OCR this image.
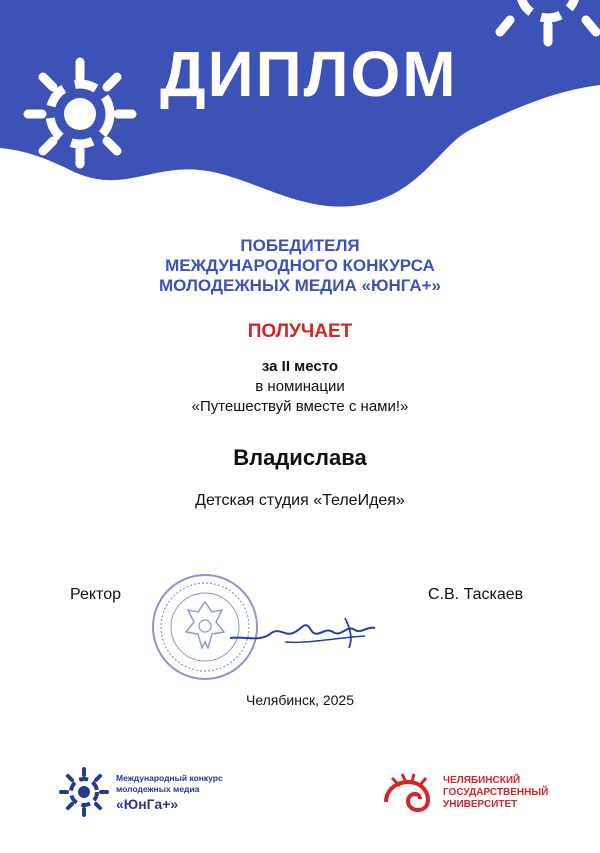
ДИПЛОМ
ПОБЕДИТЕЛЯ
МЕЖДУНАРОДНОГО КОНКУРСА
МОЛОДЕЖНЫХ МЕДИА «ЮНГА+»
ПОЛУЧАЕТ
за II место
в номинации
«Путешествуй вместе с нами!»
Владислава
Детская студия «ТелеИдея»
Ректор	С.В. Таскаев
Челябинск, 2025
Международный конкурс
молодежных медиа
«ЮнГа+»
ЧЕЛЯБИНСКИЙ
ГОСУДАРСТВЕННЫЙ
УНИВЕРСИТЕТ
